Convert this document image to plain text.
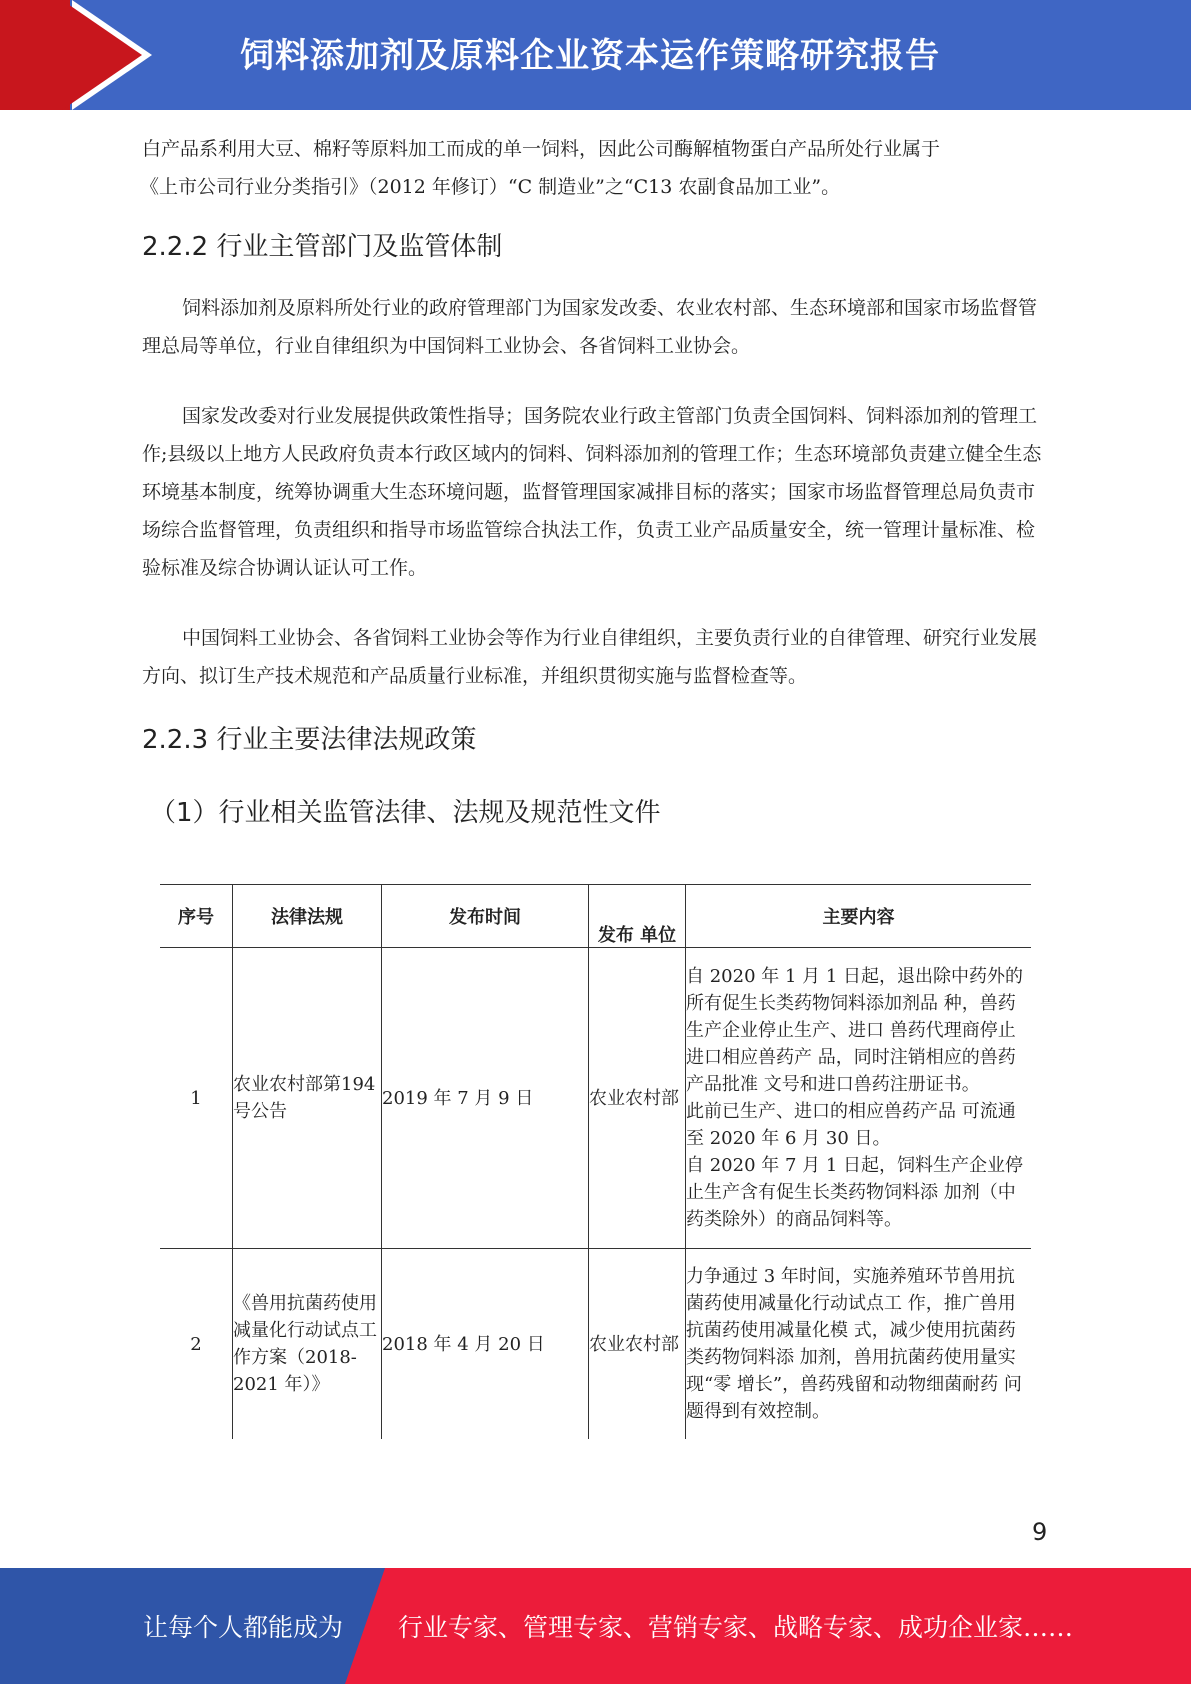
饲料添加剂及原料企业资本运作策略研究报告

白产品系利用大豆、棉籽等原料加工而成的单一饲料，因此公司酶解植物蛋白产品所处行业属于

《上市公司行业分类指引》（2012 年修订）“C 制造业”之“C13 农副食品加工业”。

2.2.2 行业主管部门及监管体制

饲料添加剂及原料所处行业的政府管理部门为国家发改委、农业农村部、生态环境部和国家市场监督管理总局等单位，行业自律组织为中国饲料工业协会、各省饲料工业协会。

国家发改委对行业发展提供政策性指导；国务院农业行政主管部门负责全国饲料、饲料添加剂的管理工作;县级以上地方人民政府负责本行政区域内的饲料、饲料添加剂的管理工作；生态环境部负责建立健全生态环境基本制度，统筹协调重大生态环境问题，监督管理国家减排目标的落实；国家市场监督管理总局负责市场综合监督管理，负责组织和指导市场监管综合执法工作，负责工业产品质量安全，统一管理计量标准、检验标准及综合协调认证认可工作。

中国饲料工业协会、各省饲料工业协会等作为行业自律组织，主要负责行业的自律管理、研究行业发展方向、拟订生产技术规范和产品质量行业标准，并组织贯彻实施与监督检查等。

2.2.3 行业主要法律法规政策
（1）行业相关监管法律、法规及规范性文件
序号	法律法规	发布时间	发布 单位	主要内容
1	农业农村部第194 号公告	2019 年 7 月 9 日	农业农村部	自 2020 年 1 月 1 日起，退出除中药外的所有促生长类药物饲料添加剂品 种，兽药生产企业停止生产、进口 兽药代理商停止进口相应兽药产 品，同时注销相应的兽药产品批准 文号和进口兽药注册证书。
此前已生产、进口的相应兽药产品 可流通至 2020 年 6 月 30 日。
自 2020 年 7 月 1 日起，饲料生产企业停止生产含有促生长类药物饲料添 加剂（中药类除外）的商品饲料等。

2	《兽用抗菌药使用减量化行动试点工作方案（2018- 2021 年）》	2018 年 4 月 20 日	农业农村部	力争通过 3 年时间，实施养殖环节兽用抗菌药使用减量化行动试点工 作，推广兽用抗菌药使用减量化模 式，减少使用抗菌药类药物饲料添 加剂，兽用抗菌药使用量实现“零 增长”，兽药残留和动物细菌耐药 问题得到有效控制。
9
让每个人都能成为 行业专家、管理专家、营销专家、战略专家、成功企业家……
